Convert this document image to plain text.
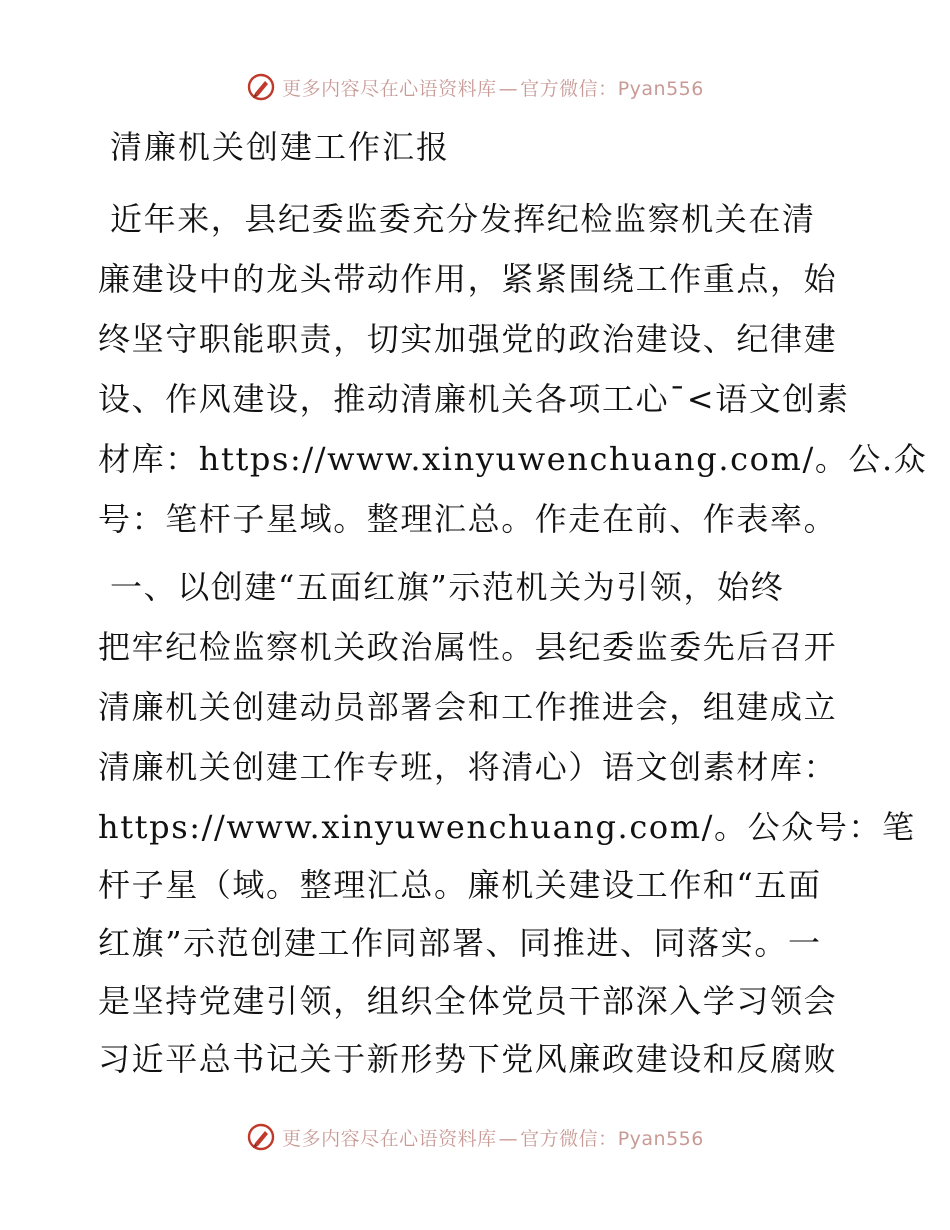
更多内容尽在心语资料库 — 官方微信：Pyan556
清廉机关创建工作汇报
近年来，县纪委监委充分发挥纪检监察机关在清
廉建设中的龙头带动作用，紧紧围绕工作重点，始
终坚守职能职责，切实加强党的政治建设、纪律建
设、作风建设，推动清廉机关各项工心¯<语文创素
材库：https://www.xinyuwenchuang.com/。公.众
号：笔杆子星域。整理汇总。作走在前、作表率。
一、以创建“五面红旗”示范机关为引领，始终
把牢纪检监察机关政治属性。县纪委监委先后召开
清廉机关创建动员部署会和工作推进会，组建成立
清廉机关创建工作专班，将清心）语文创素材库：
https://www.xinyuwenchuang.com/。公众号：笔
杆子星（域。整理汇总。廉机关建设工作和“五面
红旗”示范创建工作同部署、同推进、同落实。一
是坚持党建引领，组织全体党员干部深入学习领会
习近平总书记关于新形势下党风廉政建设和反腐败
更多内容尽在心语资料库 — 官方微信：Pyan556
